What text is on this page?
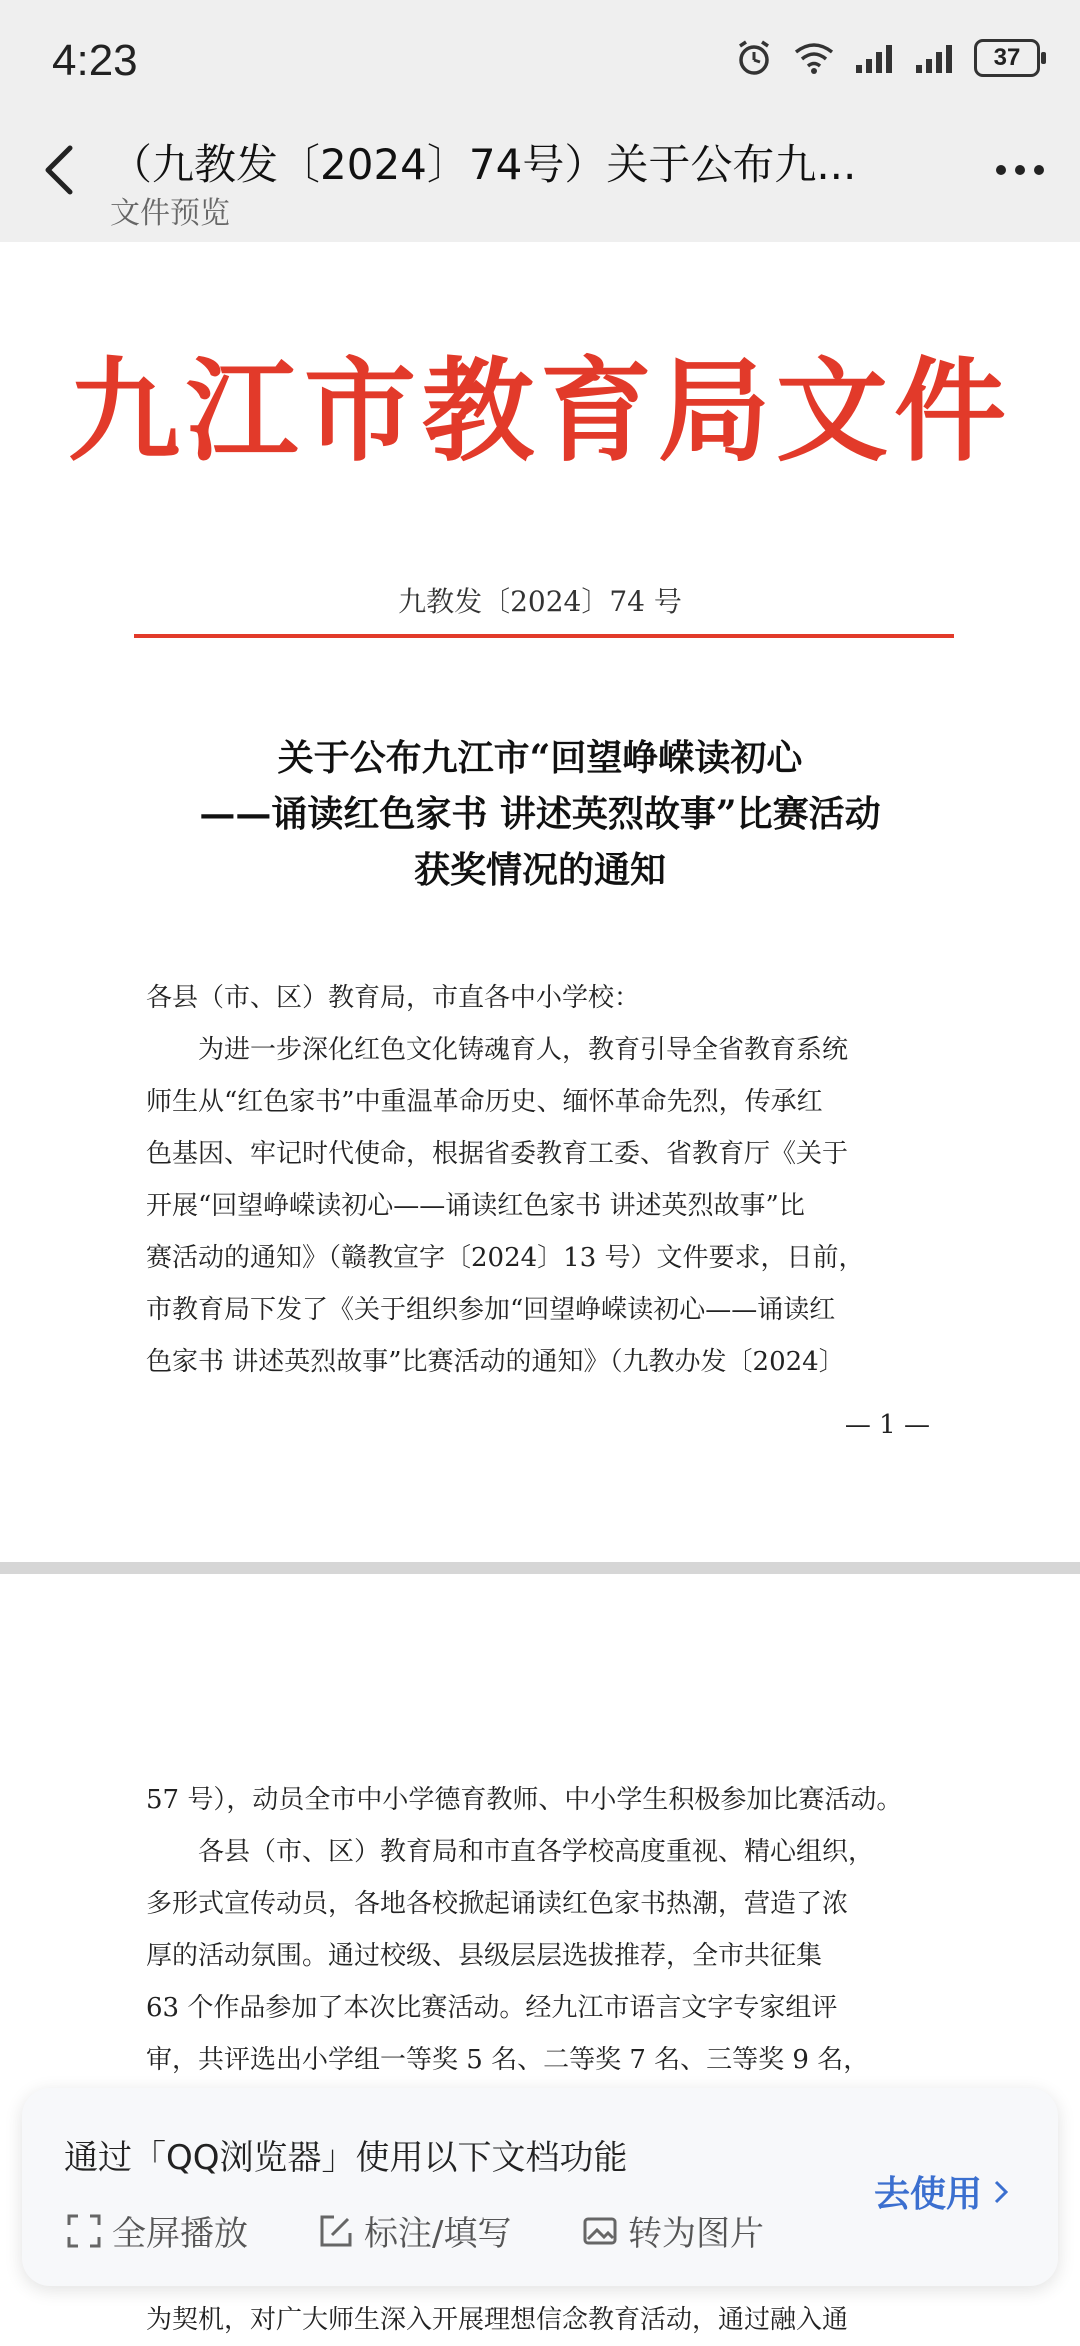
4:23	37
（九教发〔2024〕74号）关于公布九...
文件预览
九江市教育局文件
九教发〔2024〕74 号
关于公布九江市“回望峥嵘读初心
——诵读红色家书 讲述英烈故事”比赛活动
获奖情况的通知

各县（市、区）教育局，市直各中小学校：

为进一步深化红色文化铸魂育人，教育引导全省教育系统

师生从“红色家书”中重温革命历史、缅怀革命先烈，传承红

色基因、牢记时代使命，根据省委教育工委、省教育厅《关于

开展“回望峥嵘读初心——诵读红色家书 讲述英烈故事”比

赛活动的通知》（赣教宣字〔2024〕13 号）文件要求，日前，

市教育局下发了《关于组织参加“回望峥嵘读初心——诵读红

色家书 讲述英烈故事”比赛活动的通知》（九教办发〔2024〕

— 1 —

57 号），动员全市中小学德育教师、中小学生积极参加比赛活动。

各县（市、区）教育局和市直各学校高度重视、精心组织，

多形式宣传动员，各地各校掀起诵读红色家书热潮，营造了浓

厚的活动氛围。通过校级、县级层层选拔推荐，全市共征集

63 个作品参加了本次比赛活动。经九江市语言文字专家组评

审，共评选出小学组一等奖 5 名、二等奖 7 名、三等奖 9 名，

为契机，对广大师生深入开展理想信念教育活动，通过融入通

通过「QQ浏览器」使用以下文档功能
全屏播放	标注/填写	转为图片
去使用
